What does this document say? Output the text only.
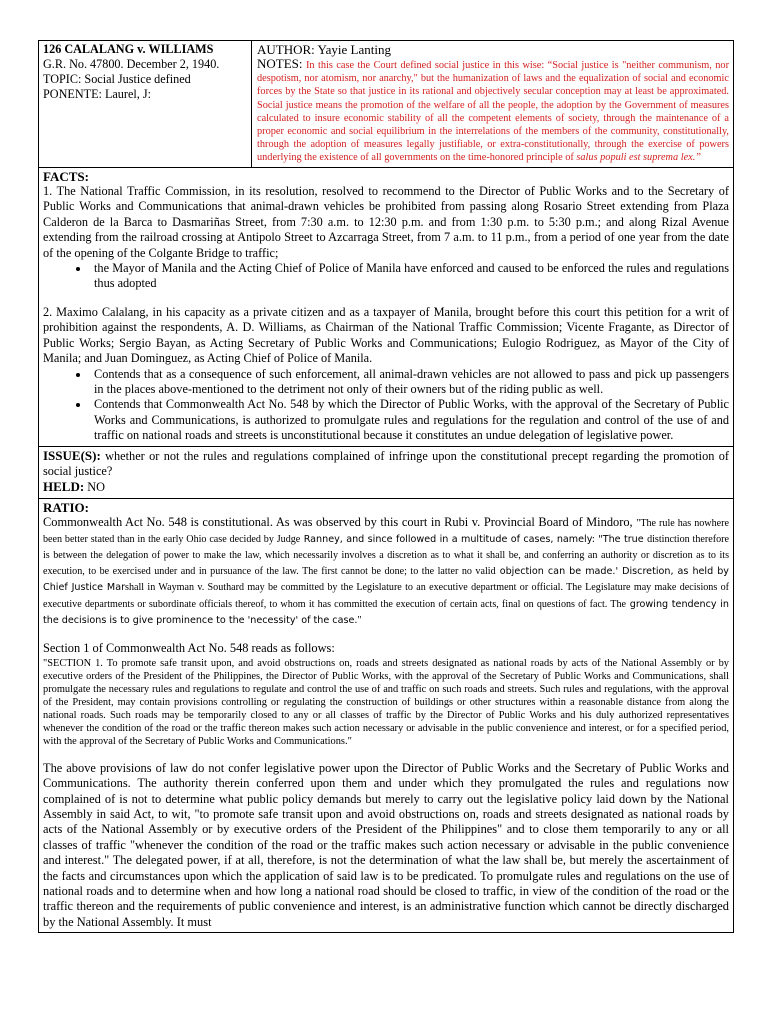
126 CALALANG v. WILLIAMS
G.R. No. 47800. December 2, 1940.
TOPIC: Social Justice defined
PONENTE: Laurel, J:
AUTHOR: Yayie Lanting
NOTES: In this case the Court defined social justice in this wise: “Social justice is "neither communism, nor despotism, nor atomism, nor anarchy," but the humanization of laws and the equalization of social and economic forces by the State so that justice in its rational and objectively secular conception may at least be approximated. Social justice means the promotion of the welfare of all the people, the adoption by the Government of measures calculated to insure economic stability of all the competent elements of society, through the maintenance of a proper economic and social equilibrium in the interrelations of the members of the community, constitutionally, through the adoption of measures legally justifiable, or extra-constitutionally, through the exercise of powers underlying the existence of all governments on the time-honored principle of salus populi est suprema lex.”
FACTS:
1. The National Traffic Commission, in its resolution, resolved to recommend to the Director of Public Works and to the Secretary of Public Works and Communications that animal-drawn vehicles be prohibited from passing along Rosario Street extending from Plaza Calderon de la Barca to Dasmariñas Street, from 7:30 a.m. to 12:30 p.m. and from 1:30 p.m. to 5:30 p.m.; and along Rizal Avenue extending from the railroad crossing at Antipolo Street to Azcarraga Street, from 7 a.m. to 11 p.m., from a period of one year from the date of the opening of the Colgante Bridge to traffic;
• the Mayor of Manila and the Acting Chief of Police of Manila have enforced and caused to be enforced the rules and regulations thus adopted
2. Maximo Calalang, in his capacity as a private citizen and as a taxpayer of Manila, brought before this court this petition for a writ of prohibition against the respondents, A. D. Williams, as Chairman of the National Traffic Commission; Vicente Fragante, as Director of Public Works; Sergio Bayan, as Acting Secretary of Public Works and Communications; Eulogio Rodriguez, as Mayor of the City of Manila; and Juan Dominguez, as Acting Chief of Police of Manila.
• Contends that as a consequence of such enforcement, all animal-drawn vehicles are not allowed to pass and pick up passengers in the places above-mentioned to the detriment not only of their owners but of the riding public as well.
• Contends that Commonwealth Act No. 548 by which the Director of Public Works, with the approval of the Secretary of Public Works and Communications, is authorized to promulgate rules and regulations for the regulation and control of the use of and traffic on national roads and streets is unconstitutional because it constitutes an undue delegation of legislative power.
ISSUE(S): whether or not the rules and regulations complained of infringe upon the constitutional precept regarding the promotion of social justice?
HELD: NO
RATIO:
Commonwealth Act No. 548 is constitutional. As was observed by this court in Rubi v. Provincial Board of Mindoro, "The rule has nowhere been better stated than in the early Ohio case decided by Judge Ranney, and since followed in a multitude of cases, namely: "The true distinction therefore is between the delegation of power to make the law, which necessarily involves a discretion as to what it shall be, and conferring an authority or discretion as to its execution, to be exercised under and in pursuance of the law. The first cannot be done; to the latter no valid objection can be made.' Discretion, as held by Chief Justice Marshall in Wayman v. Southard may be committed by the Legislature to an executive department or official. The Legislature may make decisions of executive departments or subordinate officials thereof, to whom it has committed the execution of certain acts, final on questions of fact. The growing tendency in the decisions is to give prominence to the 'necessity' of the case."
Section 1 of Commonwealth Act No. 548 reads as follows:
"SECTION 1. To promote safe transit upon, and avoid obstructions on, roads and streets designated as national roads by acts of the National Assembly or by executive orders of the President of the Philippines, the Director of Public Works, with the approval of the Secretary of Public Works and Communications, shall promulgate the necessary rules and regulations to regulate and control the use of and traffic on such roads and streets. Such rules and regulations, with the approval of the President, may contain provisions controlling or regulating the construction of buildings or other structures within a reasonable distance from along the national roads. Such roads may be temporarily closed to any or all classes of traffic by the Director of Public Works and his duly authorized representatives whenever the condition of the road or the traffic thereon makes such action necessary or advisable in the public convenience and interest, or for a specified period, with the approval of the Secretary of Public Works and Communications."
The above provisions of law do not confer legislative power upon the Director of Public Works and the Secretary of Public Works and Communications. The authority therein conferred upon them and under which they promulgated the rules and regulations now complained of is not to determine what public policy demands but merely to carry out the legislative policy laid down by the National Assembly in said Act, to wit, "to promote safe transit upon and avoid obstructions on, roads and streets designated as national roads by acts of the National Assembly or by executive orders of the President of the Philippines" and to close them temporarily to any or all classes of traffic "whenever the condition of the road or the traffic makes such action necessary or advisable in the public convenience and interest." The delegated power, if at all, therefore, is not the determination of what the law shall be, but merely the ascertainment of the facts and circumstances upon which the application of said law is to be predicated. To promulgate rules and regulations on the use of national roads and to determine when and how long a national road should be closed to traffic, in view of the condition of the road or the traffic thereon and the requirements of public convenience and interest, is an administrative function which cannot be directly discharged by the National Assembly. It must
